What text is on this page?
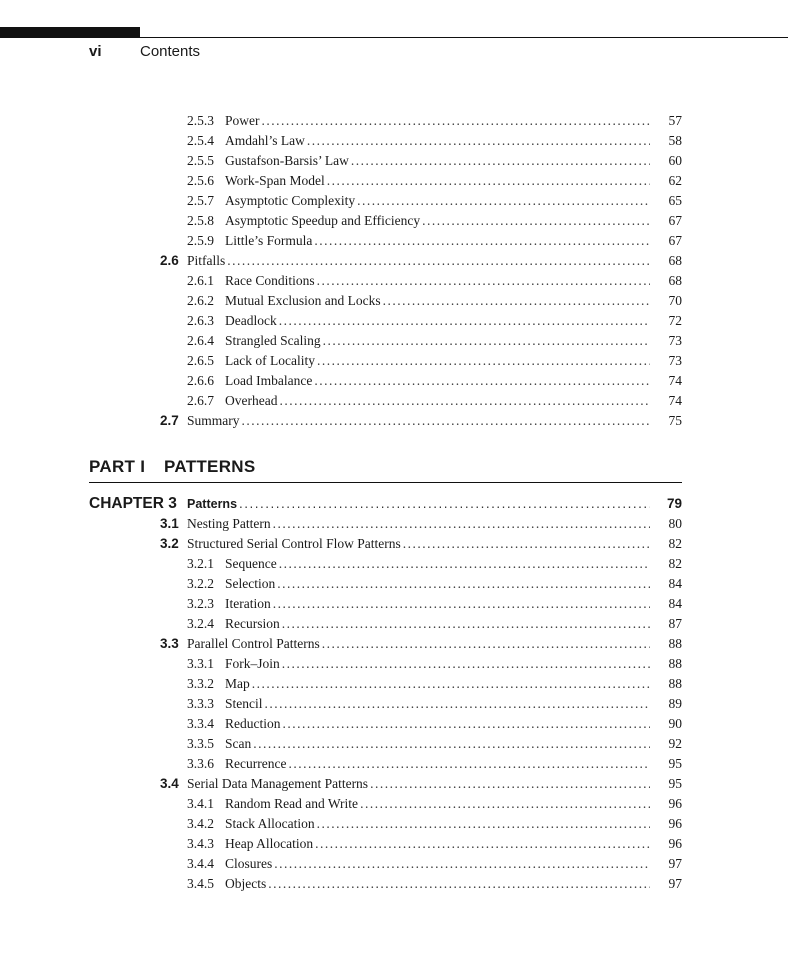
vi	Contents
2.5.3 Power .....	57
2.5.4 Amdahl’s Law .....	58
2.5.5 Gustafson-Barsis’ Law .....	60
2.5.6 Work-Span Model .....	62
2.5.7 Asymptotic Complexity .....	65
2.5.8 Asymptotic Speedup and Efficiency .....	67
2.5.9 Little’s Formula .....	67
2.6 Pitfalls .....	68
2.6.1 Race Conditions .....	68
2.6.2 Mutual Exclusion and Locks .....	70
2.6.3 Deadlock .....	72
2.6.4 Strangled Scaling .....	73
2.6.5 Lack of Locality .....	73
2.6.6 Load Imbalance .....	74
2.6.7 Overhead .....	74
2.7 Summary .....	75
PART I PATTERNS
CHAPTER 3 Patterns .....	79
3.1 Nesting Pattern .....	80
3.2 Structured Serial Control Flow Patterns .....	82
3.2.1 Sequence .....	82
3.2.2 Selection .....	84
3.2.3 Iteration .....	84
3.2.4 Recursion .....	87
3.3 Parallel Control Patterns .....	88
3.3.1 Fork–Join .....	88
3.3.2 Map .....	88
3.3.3 Stencil .....	89
3.3.4 Reduction .....	90
3.3.5 Scan .....	92
3.3.6 Recurrence .....	95
3.4 Serial Data Management Patterns .....	95
3.4.1 Random Read and Write .....	96
3.4.2 Stack Allocation .....	96
3.4.3 Heap Allocation .....	96
3.4.4 Closures .....	97
3.4.5 Objects .....	97
